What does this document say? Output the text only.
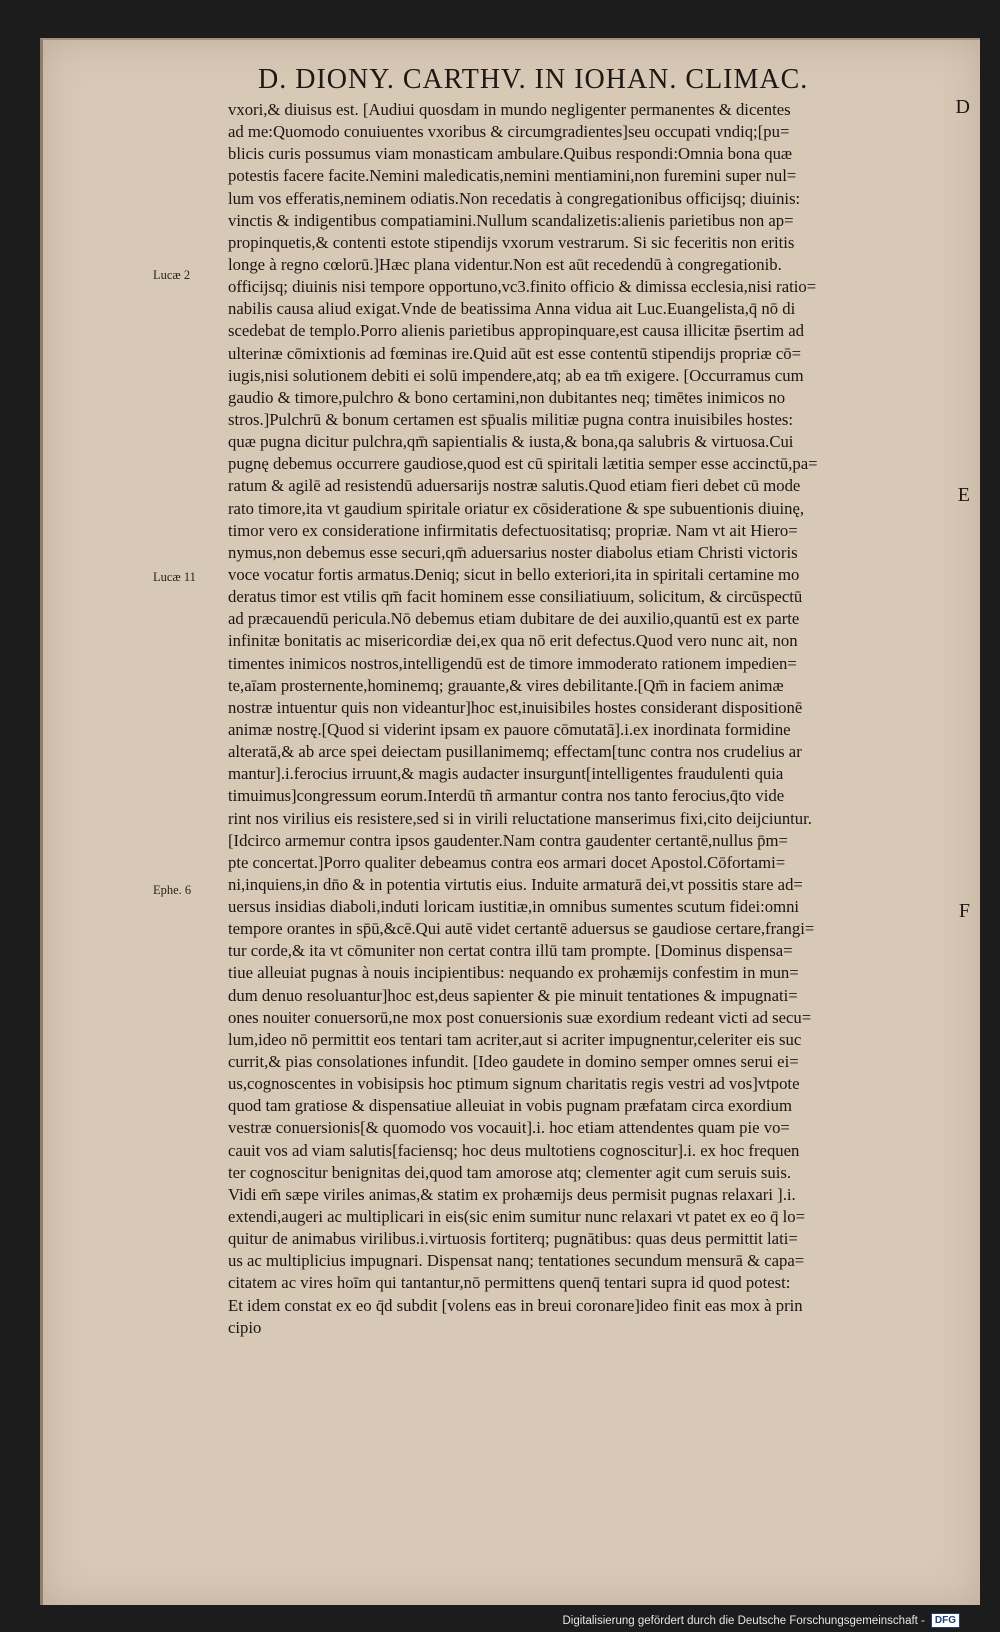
D. DIONY. CARTHV. IN IOHAN. CLIMAC.
Lucæ 2
Lucæ 11
Ephe. 6
D
E
F
vxori,& diuisus est. [Audiui quosdam in mundo negligenter permanentes & dicentes
ad me:Quomodo conuiuentes vxoribus & circumgradientes]seu occupati vndiq;[pu=
blicis curis possumus viam monasticam ambulare.Quibus respondi:Omnia bona quæ
potestis facere facite.Nemini maledicatis,nemini mentiamini,non furemini super nul=
lum vos efferatis,neminem odiatis.Non recedatis à congregationibus officijsq; diuinis:
vinctis & indigentibus compatiamini.Nullum scandalizetis:alienis parietibus non ap=
propinquetis,& contenti estote stipendijs vxorum vestrarum. Si sic feceritis non eritis
longe à regno cœlorū.]Hæc plana videntur.Non est aūt recedendū à congregationib.
officijsq; diuinis nisi tempore opportuno,vc3.finito officio & dimissa ecclesia,nisi ratio=
nabilis causa aliud exigat.Vnde de beatissima Anna vidua ait Luc.Euangelista,q̄ nō di
scedebat de templo.Porro alienis parietibus appropinquare,est causa illicitæ p̄sertim ad
ulterinæ cōmixtionis ad fœminas ire.Quid aūt est esse contentū stipendijs propriæ cō=
iugis,nisi solutionem debiti ei solū impendere,atq; ab ea tm̄ exigere. [Occurramus cum
gaudio & timore,pulchro & bono certamini,non dubitantes neq; timētes inimicos no
stros.]Pulchrū & bonum certamen est sp̄ualis militiæ pugna contra inuisibiles hostes:
quæ pugna dicitur pulchra,qm̄ sapientialis & iusta,& bona,qa salubris & virtuosa.Cui
pugnę debemus occurrere gaudiose,quod est cū spiritali lætitia semper esse accinctū,pa=
ratum & agilē ad resistendū aduersarijs nostræ salutis.Quod etiam fieri debet cū mode
rato timore,ita vt gaudium spiritale oriatur ex cōsideratione & spe subuentionis diuinę,
timor vero ex consideratione infirmitatis defectuositatisq; propriæ. Nam vt ait Hiero=
nymus,non debemus esse securi,qm̄ aduersarius noster diabolus etiam Christi victoris
voce vocatur fortis armatus.Deniq; sicut in bello exteriori,ita in spiritali certamine mo
deratus timor est vtilis qm̄ facit hominem esse consiliatiuum, solicitum, & circūspectū
ad præcauendū pericula.Nō debemus etiam dubitare de dei auxilio,quantū est ex parte
infinitæ bonitatis ac misericordiæ dei,ex qua nō erit defectus.Quod vero nunc ait, non
timentes inimicos nostros,intelligendū est de timore immoderato rationem impedien=
te,aīam prosternente,hominemq; grauante,& vires debilitante.[Qm̄ in faciem animæ
nostræ intuentur quis non videantur]hoc est,inuisibiles hostes considerant dispositionē
animæ nostrę.[Quod si viderint ipsam ex pauore cōmutatā].i.ex inordinata formidine
alteratā,& ab arce spei deiectam pusillanimemq; effectam[tunc contra nos crudelius ar
mantur].i.ferocius irruunt,& magis audacter insurgunt[intelligentes fraudulenti quia
timuimus]congressum eorum.Interdū tñ armantur contra nos tanto ferocius,q̄to vide
rint nos virilius eis resistere,sed si in virili reluctatione manserimus fixi,cito deijciuntur.
[Idcirco armemur contra ipsos gaudenter.Nam contra gaudenter certantē,nullus p̄m=
pte concertat.]Porro qualiter debeamus contra eos armari docet Apostol.Cōfortami=
ni,inquiens,in dn̄o & in potentia virtutis eius. Induite armaturā dei,vt possitis stare ad=
uersus insidias diaboli,induti loricam iustitiæ,in omnibus sumentes scutum fidei:omni
tempore orantes in sp̄ū,&cē.Qui autē videt certantē aduersus se gaudiose certare,frangi=
tur corde,& ita vt cōmuniter non certat contra illū tam prompte. [Dominus dispensa=
tiue alleuiat pugnas à nouis incipientibus: nequando ex prohæmijs confestim in mun=
dum denuo resoluantur]hoc est,deus sapienter & pie minuit tentationes & impugnati=
ones nouiter conuersorū,ne mox post conuersionis suæ exordium redeant victi ad secu=
lum,ideo nō permittit eos tentari tam acriter,aut si acriter impugnentur,celeriter eis suc
currit,& pias consolationes infundit. [Ideo gaudete in domino semper omnes serui ei=
us,cognoscentes in vobisipsis hoc ptimum signum charitatis regis vestri ad vos]vtpote
quod tam gratiose & dispensatiue alleuiat in vobis pugnam præfatam circa exordium
vestræ conuersionis[& quomodo vos vocauit].i. hoc etiam attendentes quam pie vo=
cauit vos ad viam salutis[faciensq; hoc deus multotiens cognoscitur].i. ex hoc frequen
ter cognoscitur benignitas dei,quod tam amorose atq; clementer agit cum seruis suis.
Vidi em̄ sæpe viriles animas,& statim ex prohæmijs deus permisit pugnas relaxari ].i.
extendi,augeri ac multiplicari in eis(sic enim sumitur nunc relaxari vt patet ex eo q̄ lo=
quitur de animabus virilibus.i.virtuosis fortiterq; pugnātibus: quas deus permittit lati=
us ac multiplicius impugnari. Dispensat nanq; tentationes secundum mensurā & capa=
citatem ac vires hoīm qui tantantur,nō permittens quenq̄ tentari supra id quod potest:
Et idem constat ex eo q̄d subdit [volens eas in breui coronare]ideo finit eas mox à prin
cipio
Digitalisierung gefördert durch die Deutsche Forschungsgemeinschaft -	DFG
